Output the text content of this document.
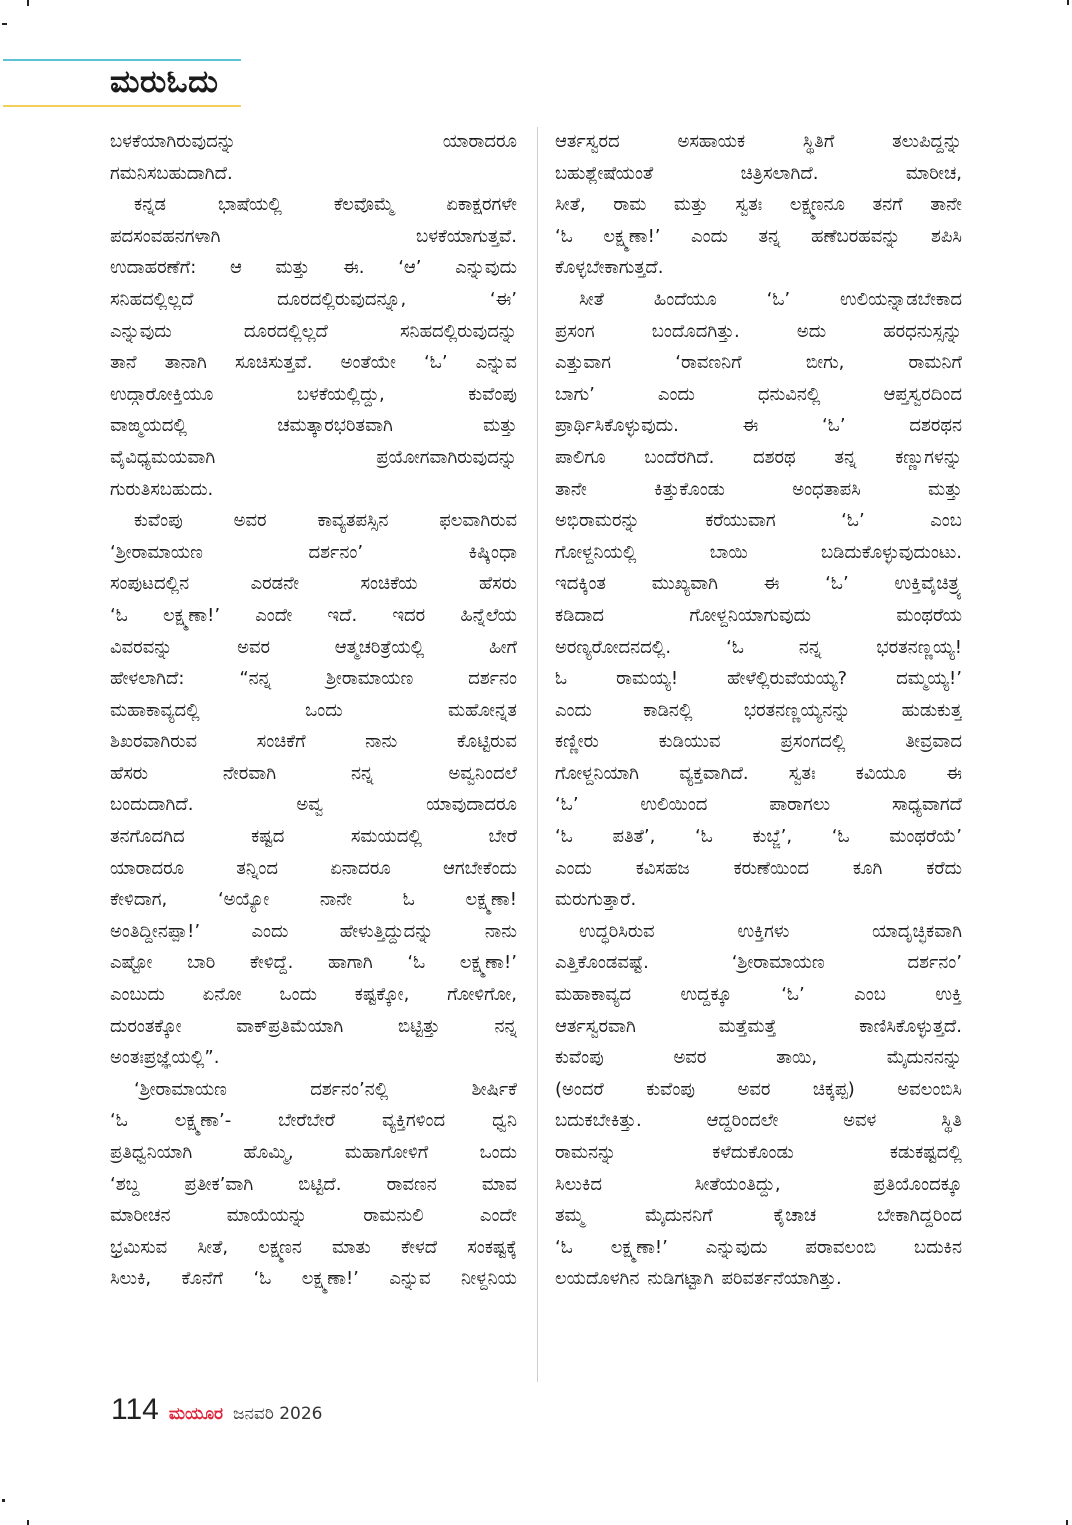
ಮರುಓದು
ಬಳಕೆಯಾಗಿರುವುದನ್ನು	ಯಾರಾದರೂ
ಗಮನಿಸಬಹುದಾಗಿದೆ.
ಕನ್ನಡ	ಭಾಷೆಯಲ್ಲಿ	ಕೆಲವೊಮ್ಮೆ	ಏಕಾಕ್ಷರಗಳೇ
ಪದಸಂವಹನಗಳಾಗಿ	ಬಳಕೆಯಾಗುತ್ತವೆ.
ಉದಾಹರಣೆಗೆ: ಆ ಮತ್ತು ಈ. ‘ಆ’ ಎನ್ನುವುದು
ಸನಿಹದಲ್ಲಿಲ್ಲದೆ	ದೂರದಲ್ಲಿರುವುದನ್ನೂ,	‘ಈ’
ಎನ್ನುವುದು	ದೂರದಲ್ಲಿಲ್ಲದೆ	ಸನಿಹದಲ್ಲಿರುವುದನ್ನು
ತಾನೆ ತಾನಾಗಿ ಸೂಚಿಸುತ್ತವೆ. ಅಂತೆಯೇ ‘ಓ’ ಎನ್ನುವ
ಉದ್ಗಾರೋಕ್ತಿಯೂ	ಬಳಕೆಯಲ್ಲಿದ್ದು,	ಕುವೆಂಪು
ವಾಙ್ಮಯದಲ್ಲಿ	ಚಮತ್ಕಾರಭರಿತವಾಗಿ	ಮತ್ತು
ವೈವಿಧ್ಯಮಯವಾಗಿ	ಪ್ರಯೋಗವಾಗಿರುವುದನ್ನು
ಗುರುತಿಸಬಹುದು.
ಕುವೆಂಪು	ಅವರ	ಕಾವ್ಯತಪಸ್ಸಿನ	ಫಲವಾಗಿರುವ
‘ಶ್ರೀರಾಮಾಯಣ	ದರ್ಶನಂ’	ಕಿಷ್ಕಿಂಧಾ
ಸಂಪುಟದಲ್ಲಿನ	ಎರಡನೇ	ಸಂಚಿಕೆಯ	ಹೆಸರು
‘ಓ ಲಕ್ಷ್ಮಣಾ!’ ಎಂದೇ ಇದೆ. ಇದರ ಹಿನ್ನೆಲೆಯ
ವಿವರವನ್ನು	ಅವರ	ಆತ್ಮಚರಿತ್ರೆಯಲ್ಲಿ	ಹೀಗೆ
ಹೇಳಲಾಗಿದೆ:	“ನನ್ನ	ಶ್ರೀರಾಮಾಯಣ	ದರ್ಶನಂ
ಮಹಾಕಾವ್ಯದಲ್ಲಿ	ಒಂದು	ಮಹೋನ್ನತ
ಶಿಖರವಾಗಿರುವ	ಸಂಚಿಕೆಗೆ	ನಾನು	ಕೊಟ್ಟಿರುವ
ಹೆಸರು	ನೇರವಾಗಿ	ನನ್ನ	ಅವ್ವನಿಂದಲೆ
ಬಂದುದಾಗಿದೆ.	ಅವ್ವ	ಯಾವುದಾದರೂ
ತನಗೊದಗಿದ	ಕಷ್ಟದ	ಸಮಯದಲ್ಲಿ	ಬೇರೆ
ಯಾರಾದರೂ	ತನ್ನಿಂದ	ಏನಾದರೂ	ಆಗಬೇಕೆಂದು
ಕೇಳಿದಾಗ,	‘ಅಯ್ಯೋ	ನಾನೇ	ಓ	ಲಕ್ಷ್ಮಣಾ!
ಅಂತಿದ್ದೀನಪ್ಪಾ!’	ಎಂದು	ಹೇಳುತ್ತಿದ್ದುದನ್ನು	ನಾನು
ಎಷ್ಟೋ ಬಾರಿ ಕೇಳಿದ್ದೆ. ಹಾಗಾಗಿ ‘ಓ ಲಕ್ಷ್ಮಣಾ!’
ಎಂಬುದು ಏನೋ ಒಂದು ಕಷ್ಟಕ್ಕೋ, ಗೋಳಿಗೋ,
ದುರಂತಕ್ಕೋ	ವಾಕ್‌ಪ್ರತಿಮೆಯಾಗಿ	ಬಿಟ್ಟಿತ್ತು	ನನ್ನ
ಅಂತಃಪ್ರಜ್ಞೆಯಲ್ಲಿ”.
‘ಶ್ರೀರಾಮಾಯಣ	ದರ್ಶನಂ’ನಲ್ಲಿ	ಶೀರ್ಷಿಕೆ
‘ಓ	ಲಕ್ಷ್ಮಣಾ’-	ಬೇರೆಬೇರೆ	ವ್ಯಕ್ತಿಗಳಿಂದ	ಧ್ವನಿ
ಪ್ರತಿಧ್ವನಿಯಾಗಿ	ಹೊಮ್ಮಿ,	ಮಹಾಗೋಳಿಗೆ	ಒಂದು
‘ಶಬ್ದ	ಪ್ರತೀಕ’ವಾಗಿ	ಬಿಟ್ಟಿದೆ.	ರಾವಣನ	ಮಾವ
ಮಾರೀಚನ	ಮಾಯೆಯನ್ನು	ರಾಮನುಲಿ	ಎಂದೇ
ಭ್ರಮಿಸುವ ಸೀತೆ, ಲಕ್ಷ್ಮಣನ ಮಾತು ಕೇಳದೆ ಸಂಕಷ್ಟಕ್ಕೆ
ಸಿಲುಕಿ, ಕೊನೆಗೆ ‘ಓ ಲಕ್ಷ್ಮಣಾ!’ ಎನ್ನುವ ನೀಳ್ದನಿಯ
ಆರ್ತಸ್ವರದ	ಅಸಹಾಯಕ	ಸ್ಥಿತಿಗೆ	ತಲುಪಿದ್ದನ್ನು
ಬಹುಶ್ಲೇಷೆಯಂತೆ	ಚಿತ್ರಿಸಲಾಗಿದೆ.	ಮಾರೀಚ,
ಸೀತೆ, ರಾಮ ಮತ್ತು ಸ್ವತಃ ಲಕ್ಷ್ಮಣನೂ ತನಗೆ ತಾನೇ
‘ಓ ಲಕ್ಷ್ಮಣಾ!’ ಎಂದು ತನ್ನ ಹಣೆಬರಹವನ್ನು ಶಪಿಸಿ
ಕೊಳ್ಳಬೇಕಾಗುತ್ತದೆ.
ಸೀತೆ	ಹಿಂದೆಯೂ	‘ಓ’	ಉಲಿಯನ್ನಾಡಬೇಕಾದ
ಪ್ರಸಂಗ	ಬಂದೊದಗಿತ್ತು.	ಅದು	ಹರಧನುಸ್ಸನ್ನು
ಎತ್ತುವಾಗ	‘ರಾವಣನಿಗೆ	ಬೀಗು,	ರಾಮನಿಗೆ
ಬಾಗು’	ಎಂದು	ಧನುವಿನಲ್ಲಿ	ಆಪ್ತಸ್ವರದಿಂದ
ಪ್ರಾರ್ಥಿಸಿಕೊಳ್ಳುವುದು.	ಈ	‘ಓ’	ದಶರಥನ
ಪಾಲಿಗೂ ಬಂದೆರಗಿದೆ. ದಶರಥ ತನ್ನ ಕಣ್ಣುಗಳನ್ನು
ತಾನೇ	ಕಿತ್ತುಕೊಂಡು	ಅಂಧತಾಪಸಿ	ಮತ್ತು
ಅಭಿರಾಮರನ್ನು	ಕರೆಯುವಾಗ	‘ಓ’	ಎಂಬ
ಗೋಳ್ದನಿಯಲ್ಲಿ	ಬಾಯಿ	ಬಡಿದುಕೊಳ್ಳುವುದುಂಟು.
ಇದಕ್ಕಿಂತ	ಮುಖ್ಯವಾಗಿ	ಈ	‘ಓ’	ಉಕ್ತಿವೈಚಿತ್ರ್ಯ
ಕಡಿದಾದ	ಗೋಳ್ದನಿಯಾಗುವುದು	ಮಂಥರೆಯ
ಅರಣ್ಯರೋದನದಲ್ಲಿ.	‘ಓ	ನನ್ನ	ಭರತನಣ್ಣಯ್ಯ!
ಓ	ರಾಮಯ್ಯ!	ಹೇಳೆಲ್ಲಿರುವೆಯಯ್ಯ?	ದಮ್ಮಯ್ಯ!’
ಎಂದು	ಕಾಡಿನಲ್ಲಿ	ಭರತನಣ್ಣಯ್ಯನನ್ನು	ಹುಡುಕುತ್ತ
ಕಣ್ಣೀರು	ಕುಡಿಯುವ	ಪ್ರಸಂಗದಲ್ಲಿ	ತೀವ್ರವಾದ
ಗೋಳ್ದನಿಯಾಗಿ ವ್ಯಕ್ತವಾಗಿದೆ. ಸ್ವತಃ ಕವಿಯೂ ಈ
‘ಓ’	ಉಲಿಯಿಂದ	ಪಾರಾಗಲು	ಸಾಧ್ಯವಾಗದೆ
‘ಓ ಪತಿತೆ’, ‘ಓ ಕುಬ್ಜೆ’, ‘ಓ ಮಂಥರೆಯೆ’
ಎಂದು ಕವಿಸಹಜ ಕರುಣೆಯಿಂದ ಕೂಗಿ ಕರೆದು
ಮರುಗುತ್ತಾರೆ.
ಉದ್ಧರಿಸಿರುವ	ಉಕ್ತಿಗಳು	ಯಾದೃಚ್ಛಿಕವಾಗಿ
ಎತ್ತಿಕೊಂಡವಷ್ಟೆ.	‘ಶ್ರೀರಾಮಾಯಣ	ದರ್ಶನಂ’
ಮಹಾಕಾವ್ಯದ	ಉದ್ದಕ್ಕೂ	‘ಓ’	ಎಂಬ	ಉಕ್ತಿ
ಆರ್ತಸ್ವರವಾಗಿ	ಮತ್ತೆಮತ್ತೆ	ಕಾಣಿಸಿಕೊಳ್ಳುತ್ತದೆ.
ಕುವೆಂಪು	ಅವರ	ತಾಯಿ,	ಮೈದುನನನ್ನು
(ಅಂದರೆ ಕುವೆಂಪು ಅವರ ಚಿಕ್ಕಪ್ಪ) ಅವಲಂಬಿಸಿ
ಬದುಕಬೇಕಿತ್ತು.	ಆದ್ದರಿಂದಲೇ	ಅವಳ	ಸ್ಥಿತಿ
ರಾಮನನ್ನು	ಕಳೆದುಕೊಂಡು	ಕಡುಕಷ್ಟದಲ್ಲಿ
ಸಿಲುಕಿದ	ಸೀತೆಯಂತಿದ್ದು,	ಪ್ರತಿಯೊಂದಕ್ಕೂ
ತಮ್ಮ	ಮೈದುನನಿಗೆ	ಕೈಚಾಚ	ಬೇಕಾಗಿದ್ದರಿಂದ
‘ಓ ಲಕ್ಷ್ಮಣಾ!’ ಎನ್ನುವುದು ಪರಾವಲಂಬಿ ಬದುಕಿನ
ಲಯದೊಳಗಿನ ನುಡಿಗಟ್ಟಾಗಿ ಪರಿವರ್ತನೆಯಾಗಿತ್ತು.
114 ಮಯೂರ ಜನವರಿ 2026
